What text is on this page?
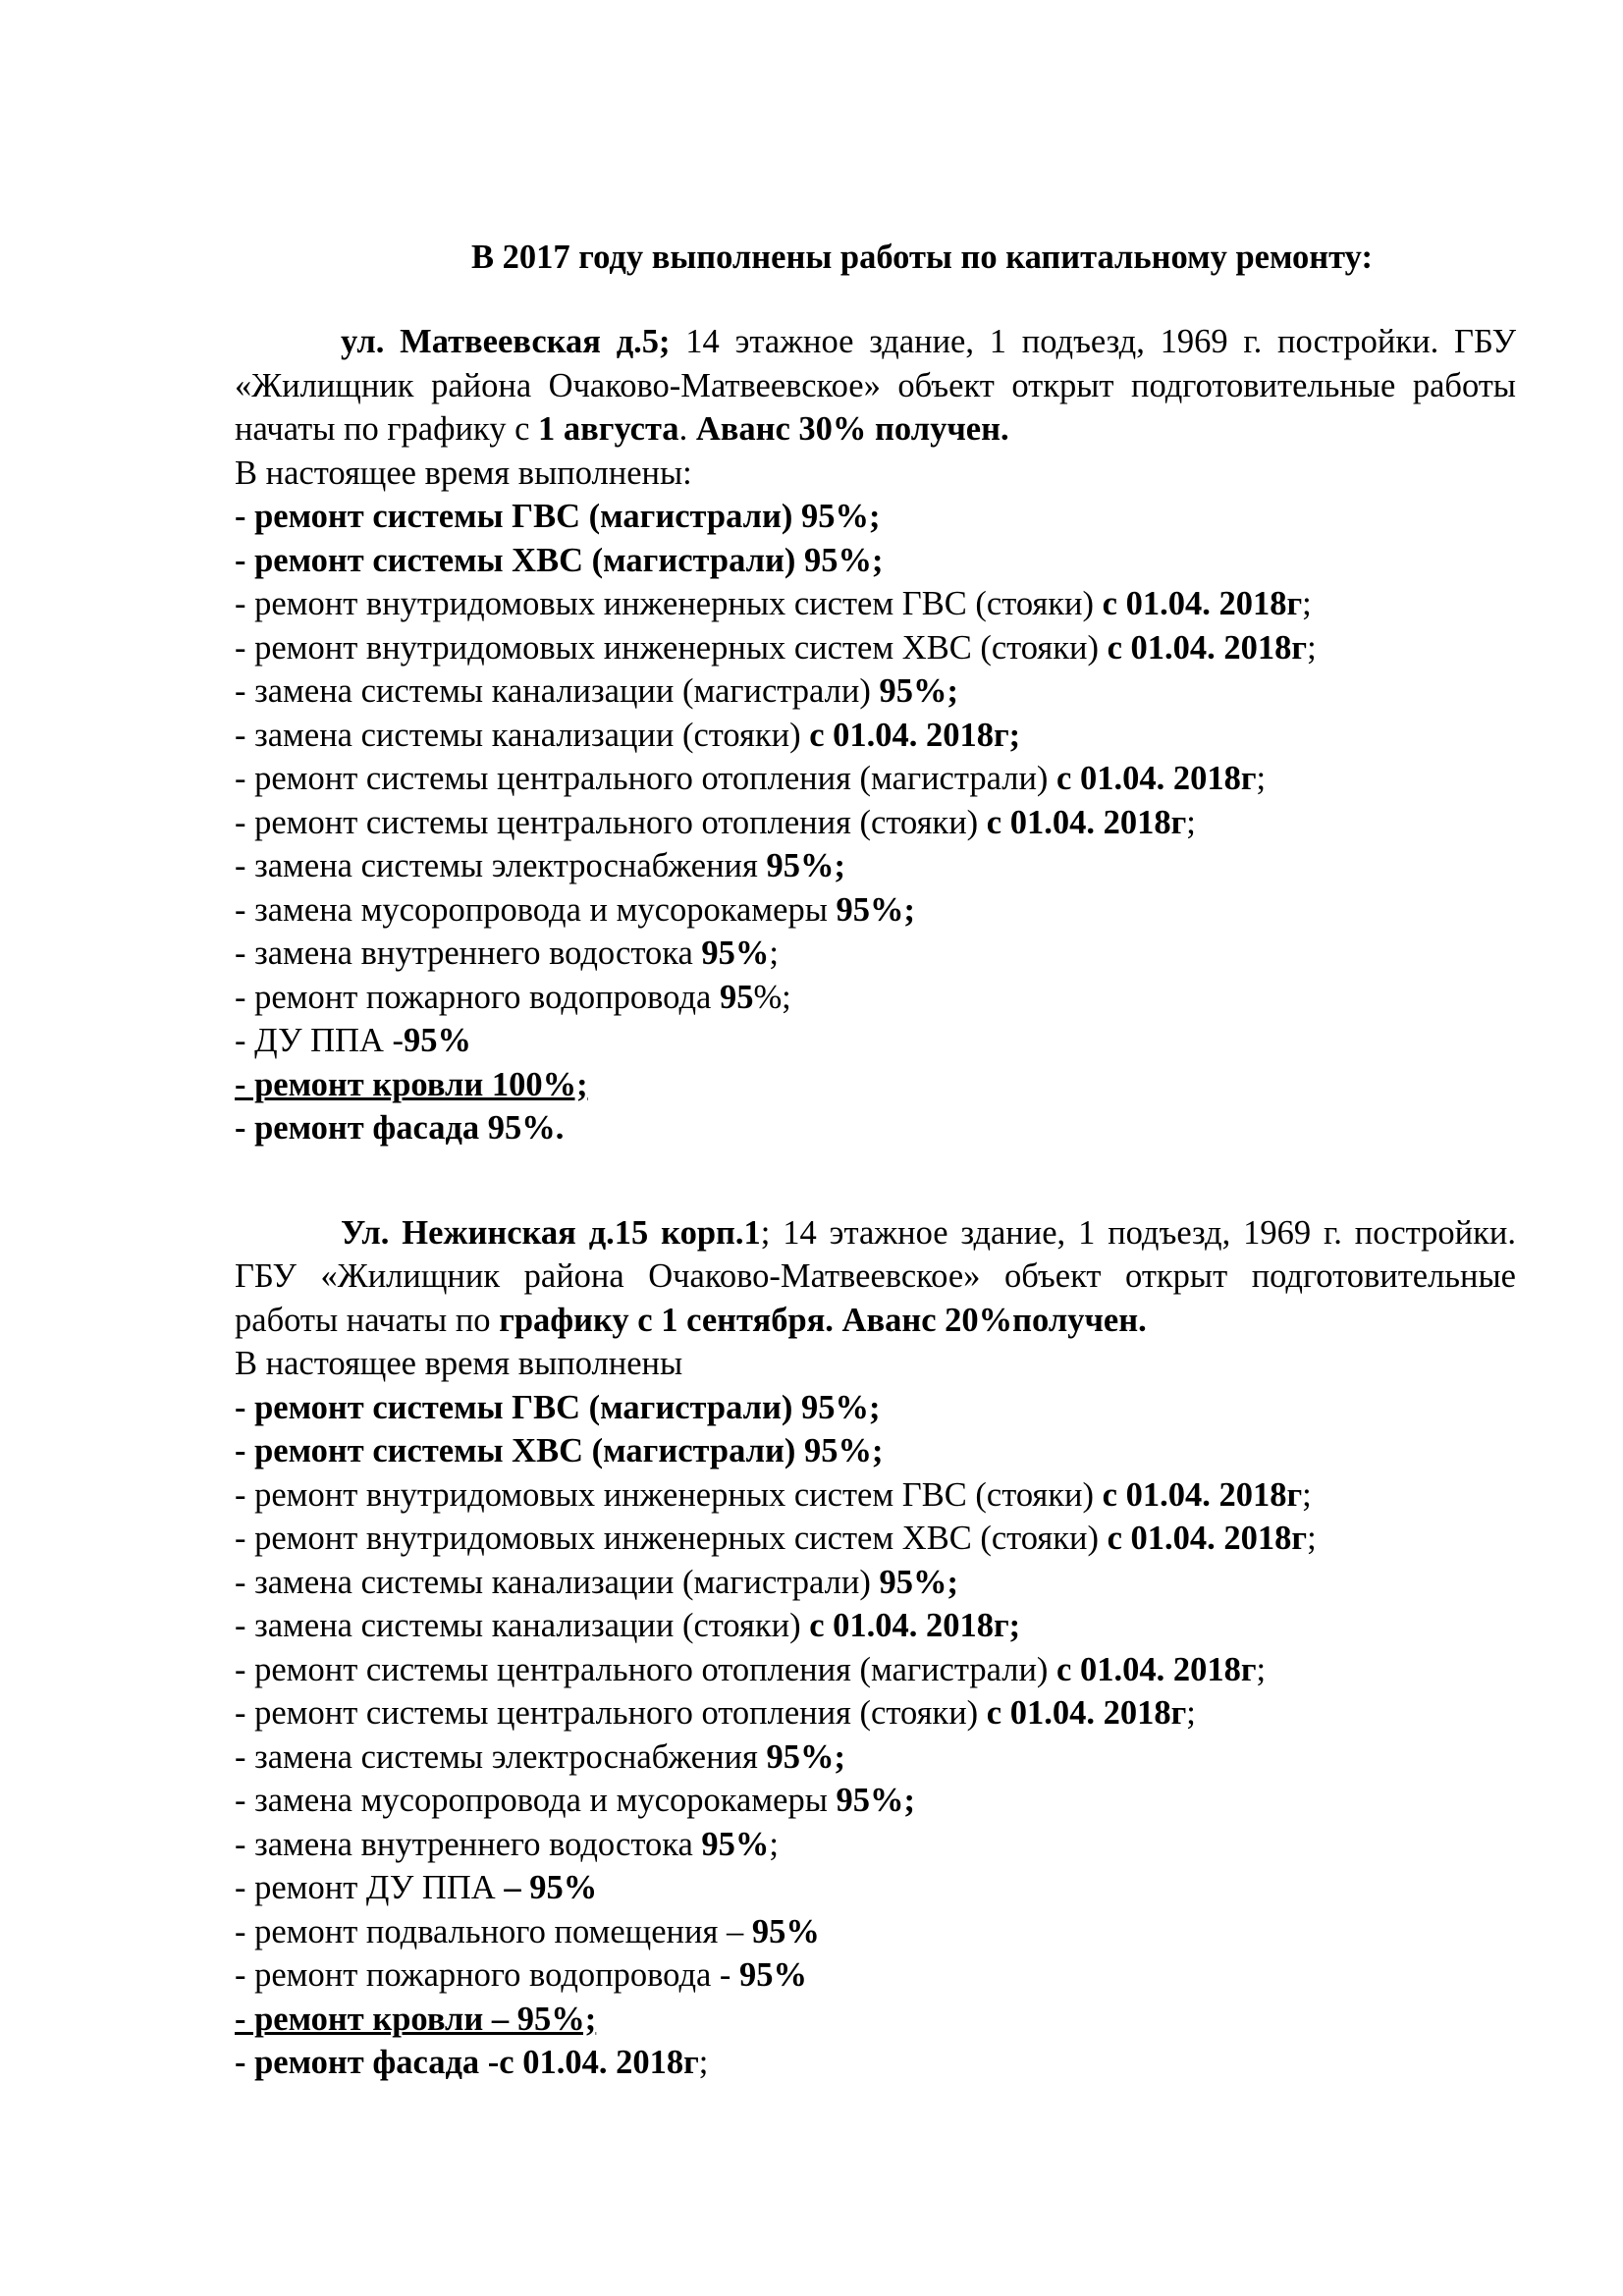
В 2017 году выполнены работы по капитальному ремонту:

ул. Матвеевская д.5; 14 этажное здание, 1 подъезд, 1969 г. постройки. ГБУ «Жилищник района Очаково-Матвеевское» объект открыт подготовительные работы начаты по графику с 1 августа. Аванс 30% получен.

В настоящее время выполнены:

- ремонт системы ГВС (магистрали) 95%;

- ремонт системы ХВС (магистрали) 95%;

- ремонт внутридомовых инженерных систем ГВС (стояки) с 01.04. 2018г;

- ремонт внутридомовых инженерных систем ХВС (стояки) с 01.04. 2018г;

- замена системы канализации (магистрали) 95%;

- замена системы канализации (стояки) с 01.04. 2018г;

- ремонт системы центрального отопления (магистрали) с 01.04. 2018г;

- ремонт системы центрального отопления (стояки) с 01.04. 2018г;

- замена системы электроснабжения 95%;

- замена мусоропровода и мусорокамеры 95%;

- замена внутреннего водостока 95%;

- ремонт пожарного водопровода 95%;

- ДУ ППА -95%

- ремонт кровли 100%;

- ремонт фасада 95%.

Ул. Нежинская д.15 корп.1; 14 этажное здание, 1 подъезд, 1969 г. постройки. ГБУ «Жилищник района Очаково-Матвеевское» объект открыт подготовительные работы начаты по графику с 1 сентября. Аванс 20%получен.

В настоящее время выполнены

- ремонт системы ГВС (магистрали) 95%;

- ремонт системы ХВС (магистрали) 95%;

- ремонт внутридомовых инженерных систем ГВС (стояки) с 01.04. 2018г;

- ремонт внутридомовых инженерных систем ХВС (стояки) с 01.04. 2018г;

- замена системы канализации (магистрали) 95%;

- замена системы канализации (стояки) с 01.04. 2018г;

- ремонт системы центрального отопления (магистрали) с 01.04. 2018г;

- ремонт системы центрального отопления (стояки) с 01.04. 2018г;

- замена системы электроснабжения 95%;

- замена мусоропровода и мусорокамеры 95%;

- замена внутреннего водостока 95%;

- ремонт ДУ ППА – 95%

- ремонт подвального помещения – 95%

- ремонт пожарного водопровода - 95%

- ремонт кровли – 95%;

- ремонт фасада -с 01.04. 2018г;
